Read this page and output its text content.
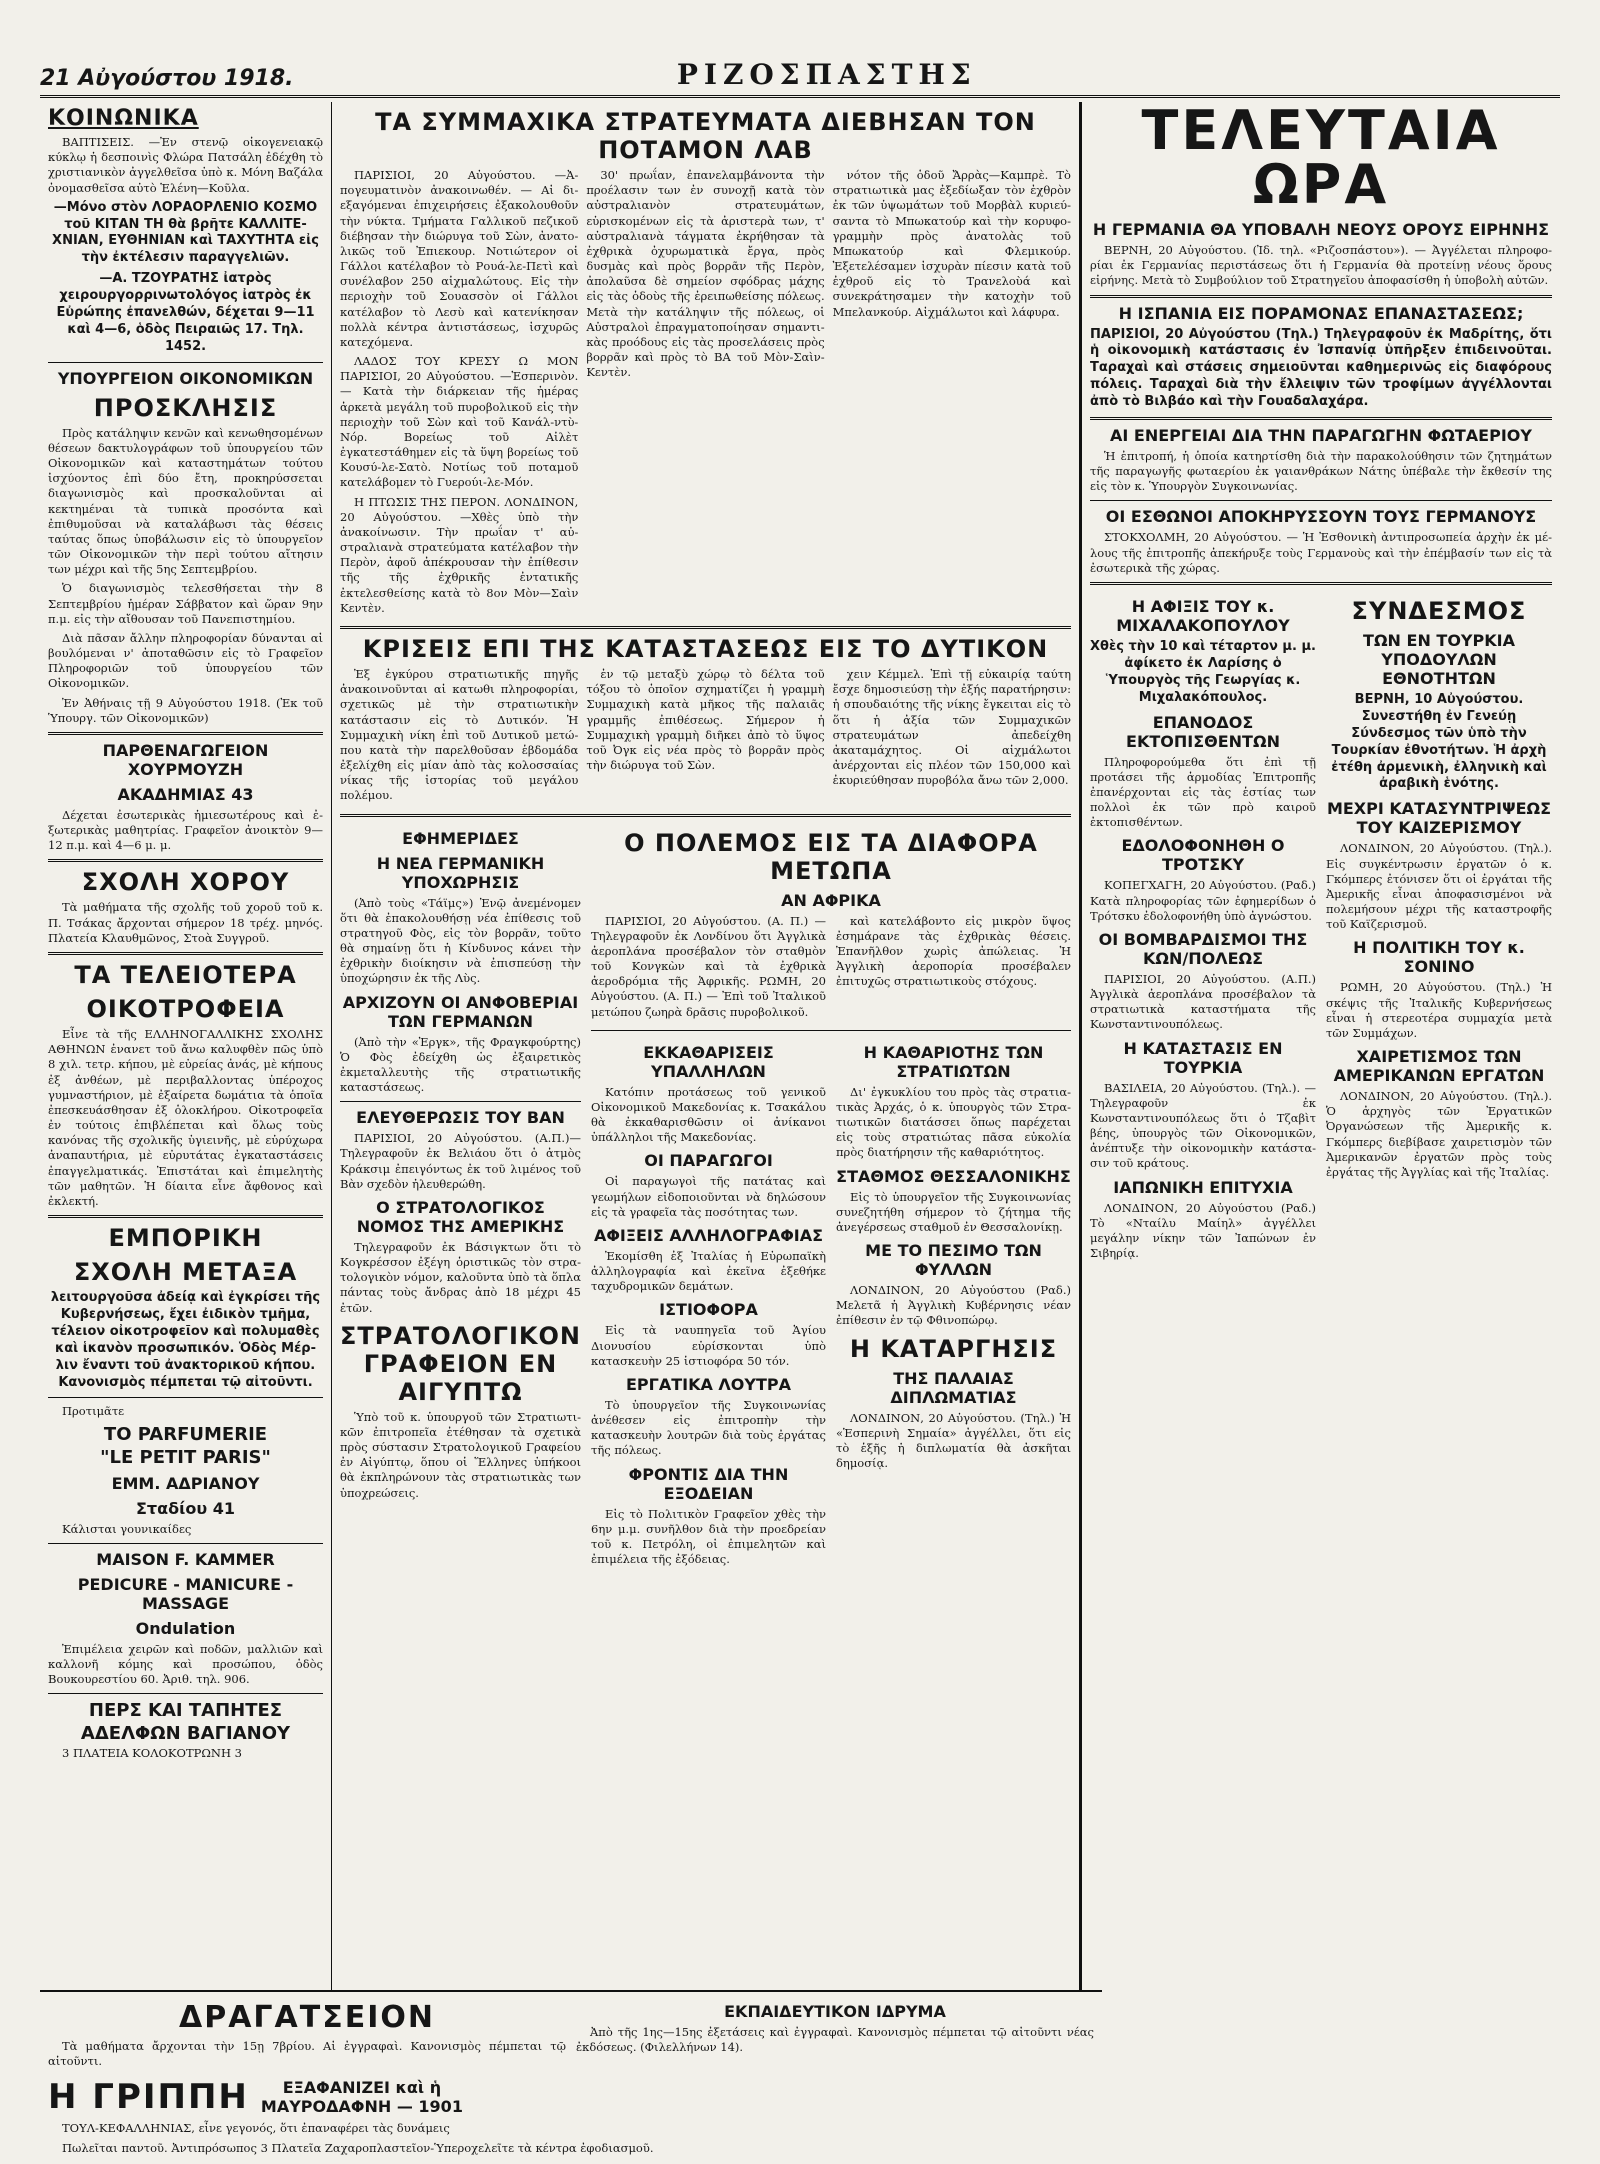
21 Αὐγούστου 1918.	ΡΙΖΟΣΠΑΣΤΗΣ
ΚΟΙΝΩΝΙΚΑ

ΒΑΠΤΙΣΕΙΣ. —Ἐν στενῷ οἰκογενειακῷ κύκλῳ ἡ δεσποινὶς Φλώρα Πατσάλη ἐδέχθη τὸ χριστιανικὸν ἀγγελθεῖσα ὑπὸ κ. Μόνη Βαζάλα ὀνομασθεῖσα αὐτὸ Ἑλένη—Κοῦλα.

—Μόνο στὸν ΛΟΡΑΟΡΛΕΝΙΟ ΚΟΣΜΟ τοῦ ΚΙΤΑΝ ΤΗ θὰ βρῆτε ΚΑΛΛΙΤΕΧΝΙΑΝ, ΕΥΘΗΝΙΑΝ καὶ ΤΑΧΥΤΗΤΑ εἰς τὴν ἐκτέλεσιν παραγγελιῶν.

—Α. ΤΖΟΥΡΑΤΗΣ ἰατρὸς χειρουργορρινωτολόγος ἰατρὸς ἐκ Εὐρώπης ἐπανελθών, δέχεται 9—11 καὶ 4—6, ὁδὸς Πειραιῶς 17. Τηλ. 1452.

ΥΠΟΥΡΓΕΙΟΝ ΟΙΚΟΝΟΜΙΚΩΝ
ΠΡΟΣΚΛΗΣΙΣ

Πρὸς κατάληψιν κενῶν καὶ κενωθησομένων θέσεων δακτυλογράφων τοῦ ὑπουργείου τῶν Οἰκονομικῶν καὶ καταστημάτων τούτου ἰσχύοντος ἐπὶ δύο ἔτη, προκηρύσσεται διαγωνισμὸς καὶ προσκαλοῦνται αἱ κεκτημέναι τὰ τυπικὰ προσόντα καὶ ἐπιθυμοῦσαι νὰ καταλάβωσι τὰς θέσεις ταύτας ὅπως ὑποβάλωσιν εἰς τὸ ὑπουργεῖον τῶν Οἰκονομικῶν τὴν περὶ τούτου αἴτησιν των μέχρι καὶ τῆς 5ης Σεπτεμβρίου.

Ὁ διαγωνισμὸς τελεσθήσεται τὴν 8 Σεπτεμβρίου ἡμέραν Σάββατον καὶ ὥραν 9ην π.μ. εἰς τὴν αἴθουσαν τοῦ Πανεπιστημίου.

Διὰ πᾶσαν ἄλλην πληροφορίαν δύνανται αἱ βουλόμεναι ν' ἀποταθῶσιν εἰς τὸ Γραφεῖον Πληροφοριῶν τοῦ ὑπουργείου τῶν Οἰκονομικῶν.

Ἐν Ἀθήναις τῇ 9 Αὐγούστου 1918. (Ἐκ τοῦ Ὑπουργ. τῶν Οἰκονομικῶν)

ΠΑΡΘΕΝΑΓΩΓΕΙΟΝ ΧΟΥΡΜΟΥΖΗ
ΑΚΑΔΗΜΙΑΣ 43

Δέχεται ἐσωτερικὰς ἡμιεσωτέρους καὶ ἐξωτερικὰς μαθητρίας. Γραφεῖον ἀνοικτὸν 9—12 π.μ. καὶ 4—6 μ. μ.

ΣΧΟΛΗ ΧΟΡΟΥ

Τὰ μαθήματα τῆς σχολῆς τοῦ χοροῦ τοῦ κ. Π. Τσάκας ἄρχονται σήμερον 18 τρέχ. μηνός. Πλατεία Κλαυθμῶνος, Στοὰ Συγγροῦ.

ΤΑ ΤΕΛΕΙΟΤΕΡΑ
ΟΙΚΟΤΡΟΦΕΙΑ

Εἶνε τὰ τῆς ΕΛΛΗΝΟΓΑΛΛΙΚΗΣ ΣΧΟΛΗΣ ΑΘΗΝΩΝ ἐνανετ τοῦ ἄνω καλυφθὲν πῶς ὑπὸ 8 χιλ. τετρ. κήπου, μὲ εὐρείας ἀνάς, μὲ κήπους ἐξ ἀνθέων, μὲ περιβαλλοντας ὑπέροχος γυμναστήριον, μὲ ἐξαίρετα δωμάτια τὰ ὁποῖα ἐπεσκευάσθησαν ἐξ ὁλοκλήρου. Οἰκοτροφεῖα ἐν τούτοις ἐπιβλέπεται καὶ ὅλως τοὺς κανόνας τῆς σχολικῆς ὑγιεινῆς, μὲ εὐρύχωρα ἀναπαυτήρια, μὲ εὐρυτάτας ἐγκαταστάσεις ἐπαγγελματικάς. Ἐπιστάται καὶ ἐπιμελητὴς τῶν μαθητῶν. Ἡ δίαιτα εἶνε ἄφθονος καὶ ἐκλεκτή.

ΕΜΠΟΡΙΚΗ
ΣΧΟΛΗ ΜΕΤΑΞΑ

λειτουργοῦσα ἀδείᾳ καὶ ἐγκρίσει τῆς Κυβερνήσεως, ἔχει ἐιδικὸν τμῆμα, τέλειον οἰκοτροφεῖον καὶ πολυμαθὲς καὶ ἱκανὸν προσωπικόν. Ὁδὸς Μέρλιν ἔναντι τοῦ ἀνακτορικοῦ κήπου. Κανονισμὸς πέμπεται τῷ αἰτοῦντι.

Προτιμᾶτε

ΤΟ PARFUMERIE
"LE PETIT PARIS"
ΕΜΜ. ΑΔΡΙΑΝΟΥ
Σταδίου 41

Κάλισται γουνικαίδες

MAISON F. KAMMER
PEDICURE - MANICURE - MASSAGE
Ondulation

Ἐπιμέλεια χειρῶν καὶ ποδῶν, μαλλιῶν καὶ καλλονῆ κόμης καὶ προσώπου, ὁδὸς Βουκουρεστίου 60. Ἀριθ. τηλ. 906.

ΠΕΡΣ ΚΑΙ ΤΑΠΗΤΕΣ
ΑΔΕΛΦΩΝ ΒΑΓΙΑΝΟΥ

3 ΠΛΑΤΕΙΑ ΚΟΛΟΚΟΤΡΩΝΗ 3

ΤΑ ΣΥΜΜΑΧΙΚΑ ΣΤΡΑΤΕΥΜΑΤΑ ΔΙΕΒΗΣΑΝ ΤΟΝ ΠΟΤΑΜΟΝ ΛΑΒ

ΠΑΡΙΣΙΟΙ, 20 Αὐγούστου. —Ἀπογευματινὸν ἀνακοινωθέν. — Αἱ διεξαγόμεναι ἐπιχειρήσεις ἐξακολουθοῦν τὴν νύκτα. Τμήματα Γαλλικοῦ πεζικοῦ διέβησαν τὴν διώρυγα τοῦ Σὼν, ἀνατολικῶς τοῦ Ἐπιεκουρ. Νοτιώτερον οἱ Γάλλοι κατέλαβον τὸ Ρουά-λε-Πετὶ καὶ συνέλαβον 250 αἰχμαλώτους. Εἰς τὴν περιοχὴν τοῦ Σουασσὸν οἱ Γάλλοι κατέλαβον τὸ Λεσὺ καὶ κατενίκησαν πολλὰ κέντρα ἀντιστάσεως, ἰσχυρῶς κατεχόμενα.

ΛΑΔΟΣ ΤΟΥ ΚΡΕΣΥ Ω ΜΟΝ ΠΑΡΙΣΙΟΙ, 20 Αὐγούστου. —Ἑσπερινὸν. — Κατὰ τὴν διάρκειαν τῆς ἡμέρας ἀρκετὰ μεγάλη τοῦ πυροβολικοῦ εἰς τὴν περιοχὴν τοῦ Σὼν καὶ τοῦ Κανάλ-ντὺ-Νόρ. Βορείως τοῦ Αἰλὲτ ἐγκατεστάθημεν εἰς τὰ ὕψη βορείως τοῦ Κουσύ-λε-Σατὸ. Νοτίως τοῦ ποταμοῦ κατελάβομεν τὸ Γυερούι-λε-Μόν.

Η ΠΤΩΣΙΣ ΤΗΣ ΠΕΡΟΝ. ΛΟΝΔΙΝΟΝ, 20 Αὐγούστου. —Χθὲς ὑπὸ τὴν ἀνακοίνωσιν. Τὴν πρωΐαν τ' αὐστραλιανὰ στρατεύματα κατέλαβον τὴν Περὸν, ἀφοῦ ἀπέκρουσαν τὴν ἐπίθεσιν τῆς τῆς ἐχθρικῆς ἐντατικῆς ἐκτελεσθείσης κατὰ τὸ 8ον Μὸν—Σαὶν Κεντὲν.

30' πρωΐαν, ἐπανελαμβάνοντα τὴν προέλασιν των ἐν συνοχῇ κατὰ τὸν αὐστραλιανὸν στρατευμάτων, εὑρισκομένων εἰς τὰ ἀριστερὰ των, τ' αὐστραλιανὰ τάγματα ἐκρήθησαν τὰ ἐχθρικὰ ὀχυρωματικὰ ἔργα, πρὸς δυσμὰς καὶ πρὸς βορρᾶν τῆς Περὸν, ἀπολαῦσα δὲ σημείον σφόδρας μάχης εἰς τὰς ὁδοὺς τῆς ἐρειπωθείσης πόλεως. Μετὰ τὴν κατάληψιν τῆς πόλεως, οἱ Αὐστραλοὶ ἐπραγματοποίησαν σημαντικὰς προόδους εἰς τὰς προσελάσεις πρὸς βορρᾶν καὶ πρὸς τὸ ΒΑ τοῦ Μὸν-Σαὶν-Κεντὲν.

νότον τῆς ὁδοῦ Ἄρρὰς—Καμπρὲ. Τὸ στρατιωτικὰ μας ἐξεδίωξαν τὸν ἐχθρὸν ἐκ τῶν ὑψωμάτων τοῦ Μορβὰλ κυριεύσαντα τὸ Μπωκατούρ καὶ τὴν κορυφογραμμὴν πρὸς ἀνατολὰς τοῦ Μπωκατούρ καὶ Φλεμικούρ. Ἐξετελέσαμεν ἰσχυρὰν πίεσιν κατὰ τοῦ ἐχθροῦ εἰς τὸ Τρανελοὺά καὶ συνεκράτησαμεν τὴν κατοχὴν τοῦ Μπελανκούρ. Αἰχμάλωτοι καὶ λάφυρα.

ΚΡΙΣΕΙΣ ΕΠΙ ΤΗΣ ΚΑΤΑΣΤΑΣΕΩΣ ΕΙΣ ΤΟ ΔΥΤΙΚΟΝ

Ἐξ ἐγκύρου στρατιωτικῆς πηγῆς ἀνακοινοῦνται αἱ κατωθι πληροφορίαι, σχετικῶς μὲ τὴν στρατιωτικὴν κατάστασιν εἰς τὸ Δυτικόν. Ἡ Συμμαχικὴ νίκη ἐπὶ τοῦ Δυτικοῦ μετώπου κατὰ τὴν παρελθοῦσαν ἑβδομάδα ἐξελίχθη εἰς μίαν ἀπὸ τὰς κολοσσαίας νίκας τῆς ἱστορίας τοῦ μεγάλου πολέμου.

ἐν τῷ μεταξὺ χώρῳ τὸ δέλτα τοῦ τόξου τὸ ὁποῖον σχηματίζει ἡ γραμμὴ Συμμαχικὴ κατὰ μῆκος τῆς παλαιᾶς γραμμῆς ἐπιθέσεως. Σήμερον ἡ Συμμαχικὴ γραμμὴ διῆκει ἀπὸ τὸ ὕψος τοῦ Ὀγκ εἰς νέα πρὸς τὸ βορρᾶν πρὸς τὴν διώρυγα τοῦ Σὼν.

χειν Κέμμελ. Ἐπὶ τῇ εὐκαιρίᾳ ταύτη ἔσχε δημοσιεύσῃ τὴν ἐξής παρατήρησιν: ἡ σπουδαιότης τῆς νίκης ἔγκειται εἰς τὸ ὅτι ἡ ἀξία τῶν Συμμαχικῶν στρατευμάτων ἀπεδείχθη ἀκαταμάχητος. Οἱ αἰχμάλωτοι ἀνέρχονται εἰς πλέον τῶν 150,000 καὶ ἐκυριεύθησαν πυροβόλα ἄνω τῶν 2,000.

ΕΦΗΜΕΡΙΔΕΣ
Η ΝΕΑ ΓΕΡΜΑΝΙΚΗ ΥΠΟΧΩΡΗΣΙΣ

(Ἀπὸ τοὺς «Τάϊμς») Ἐνῷ ἀνεμένομεν ὅτι θὰ ἐπακολουθήσῃ νέα ἐπίθεσις τοῦ στρατηγοῦ Φὸς, εἰς τὸν βορρᾶν, τοῦτο θὰ σημαίνῃ ὅτι ἡ Κίνδυνος κάνει τὴν ἐχθρικὴν διοίκησιν νὰ ἐπισπεύσῃ τὴν ὑποχώρησιν ἐκ τῆς Λὺς.

ΑΡΧΙΖΟΥΝ ΟΙ ΑΝΦΟΒΕΡΙΑΙ ΤΩΝ ΓΕΡΜΑΝΩΝ

(Ἀπὸ τὴν «Ἐργκ», τῆς Φραγκφούρτης) Ὁ Φὸς ἐδείχθη ὡς ἐξαιρετικὸς ἐκμεταλλευτὴς τῆς στρατιωτικῆς καταστάσεως.

ΕΛΕΥΘΕΡΩΣΙΣ ΤΟΥ ΒΑΝ

ΠΑΡΙΣΙΟΙ, 20 Αὐγούστου. (Α.Π.)— Τηλεγραφοῦν ἐκ Βελιάου ὅτι ὁ ἀτμὸς Κράκσιμ ἐπειγόντως ἐκ τοῦ λιμένος τοῦ Βὰν σχεδὸν ἠλευθερώθη.

Ο ΣΤΡΑΤΟΛΟΓΙΚΟΣ ΝΟΜΟΣ ΤΗΣ ΑΜΕΡΙΚΗΣ

Τηλεγραφοῦν ἐκ Βάσιγκτων ὅτι τὸ Κογκρέσσον ἐξέγη ὁριστικῶς τὸν στρατολογικὸν νόμον, καλοῦντα ὑπὸ τὰ ὅπλα πάντας τοὺς ἄνδρας ἀπὸ 18 μέχρι 45 ἐτῶν.

ΣΤΡΑΤΟΛΟΓΙΚΟΝ ΓΡΑΦΕΙΟΝ ΕΝ ΑΙΓΥΠΤΩ

Ὑπὸ τοῦ κ. ὑπουργοῦ τῶν Στρατιωτικῶν ἐπιτροπεῖα ἐτέθησαν τὰ σχετικὰ πρὸς σύστασιν Στρατολογικοῦ Γραφείου ἐν Αἰγύπτῳ, ὅπου οἱ Ἕλληνες ὑπήκοοι θὰ ἐκπληρώνουν τὰς στρατιωτικὰς των ὑποχρεώσεις.

Ο ΠΟΛΕΜΟΣ ΕΙΣ ΤΑ ΔΙΑΦΟΡΑ ΜΕΤΩΠΑ
ΑΝ ΑΦΡΙΚΑ

ΠΑΡΙΣΙΟΙ, 20 Αὐγούστου. (Α. Π.) — Τηλεγραφοῦν ἐκ Λονδίνου ὅτι Ἀγγλικὰ ἀεροπλάνα προσέβαλον τὸν σταθμὸν τοῦ Κονγκὼν καὶ τὰ ἐχθρικὰ ἀεροδρόμια τῆς Ἀφρικῆς. ΡΩΜΗ, 20 Αὐγούστου. (Α. Π.) — Ἐπὶ τοῦ Ἰταλικοῦ μετώπου ζωηρὰ δρᾶσις πυροβολικοῦ.

καὶ κατελάβοντο εἰς μικρὸν ὕψος ἐσημάρανε τὰς ἐχθρικὰς θέσεις. Ἐπανῆλθον χωρὶς ἀπώλειας. Ἡ Ἀγγλικὴ ἀεροπορία προσέβαλεν ἐπιτυχῶς στρατιωτικοὺς στόχους.

ΕΚΚΑΘΑΡΙΣΕΙΣ ΥΠΑΛΛΗΛΩΝ

Κατόπιν προτάσεως τοῦ γενικοῦ Οἰκονομικοῦ Μακεδονίας κ. Τσακάλου θὰ ἐκκαθαρισθῶσιν οἱ ἀνίκανοι ὑπάλληλοι τῆς Μακεδονίας.

ΟΙ ΠΑΡΑΓΩΓΟΙ

Οἱ παραγωγοὶ τῆς πατάτας καὶ γεωμήλων εἰδοποιοῦνται νὰ δηλώσουν εἰς τὰ γραφεῖα τὰς ποσότητας των.

ΑΦΙΞΕΙΣ ΑΛΛΗΛΟΓΡΑΦΙΑΣ

Ἐκομίσθη ἐξ Ἰταλίας ἡ Εὐρωπαϊκὴ ἀλληλογραφία καὶ ἐκεῖνα ἐξεθήκε ταχυδρομικῶν δεμάτων.

ΙΣΤΙΟΦΟΡΑ

Εἰς τὰ ναυπηγεῖα τοῦ Ἁγίου Διονυσίου εὑρίσκονται ὑπὸ κατασκευὴν 25 ἱστιοφόρα 50 τόν.

ΕΡΓΑΤΙΚΑ ΛΟΥΤΡΑ

Τὸ ὑπουργεῖον τῆς Συγκοινωνίας ἀνέθεσεν εἰς ἐπιτροπὴν τὴν κατασκευὴν λουτρῶν διὰ τοὺς ἐργάτας τῆς πόλεως.

ΦΡΟΝΤΙΣ ΔΙΑ ΤΗΝ ΕΞΟΔΕΙΑΝ

Εἰς τὸ Πολιτικὸν Γραφεῖον χθὲς τὴν 6ην μ.μ. συνῆλθον διὰ τὴν προεδρείαν τοῦ κ. Πετρόλη, οἱ ἐπιμελητῶν καὶ ἐπιμέλεια τῆς ἐξόδειας.

Η ΚΑΘΑΡΙΟΤΗΣ ΤΩΝ ΣΤΡΑΤΙΩΤΩΝ

Δι' ἐγκυκλίου του πρὸς τὰς στρατιατικὰς Ἀρχάς, ὁ κ. ὑπουργὸς τῶν Στρατιωτικῶν διατάσσει ὅπως παρέχεται εἰς τοὺς στρατιώτας πᾶσα εὐκολία πρὸς διατήρησιν τῆς καθαριότητος.

ΣΤΑΘΜΟΣ ΘΕΣΣΑΛΟΝΙΚΗΣ

Εἰς τὸ ὑπουργεῖον τῆς Συγκοινωνίας συνεζητήθη σήμερον τὸ ζήτημα τῆς ἀνεγέρσεως σταθμοῦ ἐν Θεσσαλονίκῃ.

ΜΕ ΤΟ ΠΕΣΙΜΟ ΤΩΝ ΦΥΛΛΩΝ

ΛΟΝΔΙΝΟΝ, 20 Αὐγούστου (Ραδ.) Μελετᾶ ἡ Ἀγγλικὴ Κυβέρνησις νέαν ἐπίθεσιν ἐν τῷ Φθινοπώρῳ.

Η ΚΑΤΑΡΓΗΣΙΣ
ΤΗΣ ΠΑΛΑΙΑΣ ΔΙΠΛΩΜΑΤΙΑΣ

ΛΟΝΔΙΝΟΝ, 20 Αὐγούστου. (Τηλ.) Ἡ «Ἑσπερινὴ Σημαία» ἀγγέλλει, ὅτι εἰς τὸ ἑξῆς ἡ διπλωματία θὰ ἀσκῆται δημοσίᾳ.

ΤΕΛΕΥΤΑΙΑ ΩΡΑ
Η ΓΕΡΜΑΝΙΑ ΘΑ ΥΠΟΒΑΛΗ ΝΕΟΥΣ ΟΡΟΥΣ ΕΙΡΗΝΗΣ

ΒΕΡΝΗ, 20 Αὐγούστου. (Ἰδ. τηλ. «Ριζοσπάστου»). — Ἀγγέλεται πληροφορίαι ἐκ Γερμανίας περιστάσεως ὅτι ἡ Γερμανία θὰ προτείνῃ νέους ὅρους εἰρήνης. Μετὰ τὸ Συμβούλιον τοῦ Στρατηγεῖου ἀποφασίσθη ἡ ὑποβολὴ αὐτῶν.

Η ΙΣΠΑΝΙΑ ΕΙΣ ΠΟΡΑΜΟΝΑΣ ΕΠΑΝΑΣΤΑΣΕΩΣ;

ΠΑΡΙΣΙΟΙ, 20 Αὐγούστου (Τηλ.) Τηλεγραφοῦν ἐκ Μαδρίτης, ὅτι ἡ οἰκονομικὴ κατάστασις ἐν Ἰσπανίᾳ ὑπῆρξεν ἐπιδεινοῦται. Ταραχαὶ καὶ στάσεις σημειοῦνται καθημερινῶς εἰς διαφόρους πόλεις. Ταραχαὶ διὰ τὴν ἔλλειψιν τῶν τροφίμων ἀγγέλλονται ἀπὸ τὸ Βιλβάο καὶ τὴν Γουαδαλαχάρα.

ΑΙ ΕΝΕΡΓΕΙΑΙ ΔΙΑ ΤΗΝ ΠΑΡΑΓΩΓΗΝ ΦΩΤΑΕΡΙΟΥ

Ἡ ἐπιτροπή, ἡ ὁποία κατηρτίσθη διὰ τὴν παρακολούθησιν τῶν ζητημάτων τῆς παραγωγῆς φωταερίου ἐκ γαιανθράκων Νάτης ὑπέβαλε τὴν ἔκθεσίν της εἰς τὸν κ. Ὑπουργὸν Συγκοινωνίας.

ΟΙ ΕΣΘΩΝΟΙ ΑΠΟΚΗΡΥΣΣΟΥΝ ΤΟΥΣ ΓΕΡΜΑΝΟΥΣ

ΣΤΟΚΧΟΛΜΗ, 20 Αὐγούστου. — Ἡ Ἐσθονικὴ ἀντιπροσωπεία ἀρχὴν ἐκ μέλους τῆς ἐπιτροπῆς ἀπεκήρυξε τοὺς Γερμανοὺς καὶ τὴν ἐπέμβασίν των εἰς τὰ ἐσωτερικὰ τῆς χώρας.

Η ΑΦΙΞΙΣ ΤΟΥ κ. ΜΙΧΑΛΑΚΟΠΟΥΛΟΥ

Χθὲς τὴν 10 καὶ τέταρτον μ. μ. ἀφίκετο ἐκ Λαρίσης ὁ Ὑπουργὸς τῆς Γεωργίας κ. Μιχαλακόπουλος.

ΕΠΑΝΟΔΟΣ ΕΚΤΟΠΙΣΘΕΝΤΩΝ

Πληροφορούμεθα ὅτι ἐπὶ τῇ προτάσει τῆς ἁρμοδίας Ἐπιτροπῆς ἐπανέρχονται εἰς τὰς ἑστίας των πολλοὶ ἐκ τῶν πρὸ καιροῦ ἐκτοπισθέντων.

ΕΔΟΛΟΦΟΝΗΘΗ Ο ΤΡΟΤΣΚΥ

ΚΟΠΕΓΧΑΓΗ, 20 Αὐγούστου. (Ραδ.) Κατὰ πληροφορίας τῶν ἐφημερίδων ὁ Τρότσκυ ἐδολοφονήθη ὑπὸ ἀγνώστου.

ΟΙ ΒΟΜΒΑΡΔΙΣΜΟΙ ΤΗΣ ΚΩΝ/ΠΟΛΕΩΣ

ΠΑΡΙΣΙΟΙ, 20 Αὐγούστου. (Α.Π.) Ἀγγλικὰ ἀεροπλάνα προσέβαλον τὰ στρατιωτικὰ καταστήματα τῆς Κωνσταντινουπόλεως.

Η ΚΑΤΑΣΤΑΣΙΣ ΕΝ ΤΟΥΡΚΙΑ

ΒΑΣΙΛΕΙΑ, 20 Αὐγούστου. (Τηλ.). — Τηλεγραφοῦν ἐκ Κωνσταντινουπόλεως ὅτι ὁ Τζαβὶτ βέης, ὑπουργὸς τῶν Οἰκονομικῶν, ἀνέπτυξε τὴν οἰκονομικὴν κατάστασιν τοῦ κράτους.

ΙΑΠΩΝΙΚΗ ΕΠΙΤΥΧΙΑ

ΛΟΝΔΙΝΟΝ, 20 Αὐγούστου (Ραδ.) Τὸ «Νταίλυ Μαίηλ» ἀγγέλλει μεγάλην νίκην τῶν Ἰαπώνων ἐν Σιβηρίᾳ.

ΣΥΝΔΕΣΜΟΣ
ΤΩΝ ΕΝ ΤΟΥΡΚΙΑ ΥΠΟΔΟΥΛΩΝ ΕΘΝΟΤΗΤΩΝ

ΒΕΡΝΗ, 10 Αὐγούστου. Συνεστήθη ἐν Γενεύῃ Σύνδεσμος τῶν ὑπὸ τὴν Τουρκίαν ἐθνοτήτων. Ἡ ἀρχὴ ἐτέθη ἀρμενικὴ, ἐλληνικὴ καὶ ἀραβικὴ ἑνότης.

ΜΕΧΡΙ ΚΑΤΑΣΥΝΤΡΙΨΕΩΣ ΤΟΥ ΚΑΙΖΕΡΙΣΜΟΥ

ΛΟΝΔΙΝΟΝ, 20 Αὐγούστου. (Τηλ.). Εἰς συγκέντρωσιν ἐργατῶν ὁ κ. Γκόμπερς ἐτόνισεν ὅτι οἱ ἐργάται τῆς Ἀμερικῆς εἶναι ἀποφασισμένοι νὰ πολεμήσουν μέχρι τῆς καταστροφῆς τοῦ Καϊζερισμοῦ.

Η ΠΟΛΙΤΙΚΗ ΤΟΥ κ. ΣΟΝΙΝΟ

ΡΩΜΗ, 20 Αὐγούστου. (Τηλ.) Ἡ σκέψις τῆς Ἰταλικῆς Κυβερνήσεως εἶναι ἡ στερεοτέρα συμμαχία μετὰ τῶν Συμμάχων.

ΧΑΙΡΕΤΙΣΜΟΣ ΤΩΝ ΑΜΕΡΙΚΑΝΩΝ ΕΡΓΑΤΩΝ

ΛΟΝΔΙΝΟΝ, 20 Αὐγούστου. (Τηλ.). Ὁ ἀρχηγὸς τῶν Ἐργατικῶν Ὀργανώσεων τῆς Ἀμερικῆς κ. Γκόμπερς διεβίβασε χαιρετισμὸν τῶν Ἀμερικανῶν ἐργατῶν πρὸς τοὺς ἐργάτας τῆς Ἀγγλίας καὶ τῆς Ἰταλίας.

ΔΡΑΓΑΤΣΕΙΟΝ

Τὰ μαθήματα ἄρχονται τὴν 15ῃ 7βρίου. Αἱ ἐγγραφαὶ. Κανονισμὸς πέμπεται τῷ αἰτοῦντι.

ΕΚΠΑΙΔΕΥΤΙΚΟΝ ΙΔΡΥΜΑ

Ἀπὸ τῆς 1ης—15ης ἐξετάσεις καὶ ἐγγραφαὶ. Κανονισμὸς πέμπεται τῷ αἰτοῦντι νέας ἐκδόσεως. (Φιλελλήνων 14).

Η ΓΡΙΠΠΗ	ΕΞΑΦΑΝΙΖΕΙ καὶ ἡ
ΜΑΥΡΟΔΑΦΝΗ — 1901

ΤΟΥΛ-ΚΕΦΑΛΛΗΝΙΑΣ, εἶνε γεγονός, ὅτι ἐπαναφέρει τὰς δυνάμεις

Πωλεῖται παντοῦ. Ἀντιπρόσωπος 3 Πλατεῖα Ζαχαροπλαστεῖον-Ὑπεροχελεῖτε τὰ κέντρα ἐφοδιασμοῦ.
